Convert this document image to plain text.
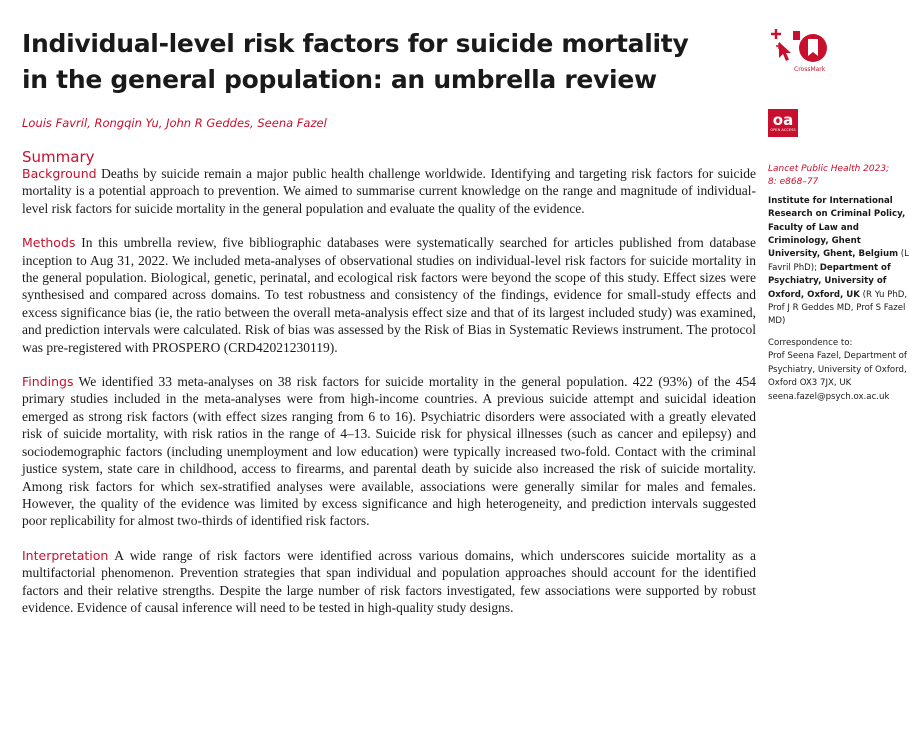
Individual-level risk factors for suicide mortality in the general population: an umbrella review
Louis Favril, Rongqin Yu, John R Geddes, Seena Fazel
Summary

Background Deaths by suicide remain a major public health challenge worldwide. Identifying and targeting risk factors for suicide mortality is a potential approach to prevention. We aimed to summarise current knowledge on the range and magnitude of individual-level risk factors for suicide mortality in the general population and evaluate the quality of the evidence.

Methods In this umbrella review, five bibliographic databases were systematically searched for articles published from database inception to Aug 31, 2022. We included meta-analyses of observational studies on individual-level risk factors for suicide mortality in the general population. Biological, genetic, perinatal, and ecological risk factors were beyond the scope of this study. Effect sizes were synthesised and compared across domains. To test robustness and consistency of the findings, evidence for small-study effects and excess significance bias (ie, the ratio between the overall meta-analysis effect size and that of its largest included study) was examined, and prediction intervals were calculated. Risk of bias was assessed by the Risk of Bias in Systematic Reviews instrument. The protocol was pre-registered with PROSPERO (CRD42021230119).

Findings We identified 33 meta-analyses on 38 risk factors for suicide mortality in the general population. 422 (93%) of the 454 primary studies included in the meta-analyses were from high-income countries. A previous suicide attempt and suicidal ideation emerged as strong risk factors (with effect sizes ranging from 6 to 16). Psychiatric disorders were associated with a greatly elevated risk of suicide mortality, with risk ratios in the range of 4–13. Suicide risk for physical illnesses (such as cancer and epilepsy) and sociodemographic factors (including unemployment and low education) were typically increased two-fold. Contact with the criminal justice system, state care in childhood, access to firearms, and parental death by suicide also increased the risk of suicide mortality. Among risk factors for which sex-stratified analyses were available, associations were generally similar for males and females. However, the quality of the evidence was limited by excess significance and high heterogeneity, and prediction intervals suggested poor replicability for almost two-thirds of identified risk factors.

Interpretation A wide range of risk factors were identified across various domains, which underscores suicide mortality as a multifactorial phenomenon. Prevention strategies that span individual and population approaches should account for the identified factors and their relative strengths. Despite the large number of risk factors investigated, few associations were supported by robust evidence. Evidence of causal inference will need to be tested in high-quality study designs.

CrossMark
oa
OPEN ACCESS
Lancet Public Health 2023;
8: e868–77
Institute for International Research on Criminal Policy, Faculty of Law and Criminology, Ghent University, Ghent, Belgium (L Favril PhD); Department of Psychiatry, University of Oxford, Oxford, UK (R Yu PhD, Prof J R Geddes MD, Prof S Fazel MD)
Correspondence to:
Prof Seena Fazel, Department of Psychiatry, University of Oxford, Oxford OX3 7JX, UK
seena.fazel@psych.ox.ac.uk
